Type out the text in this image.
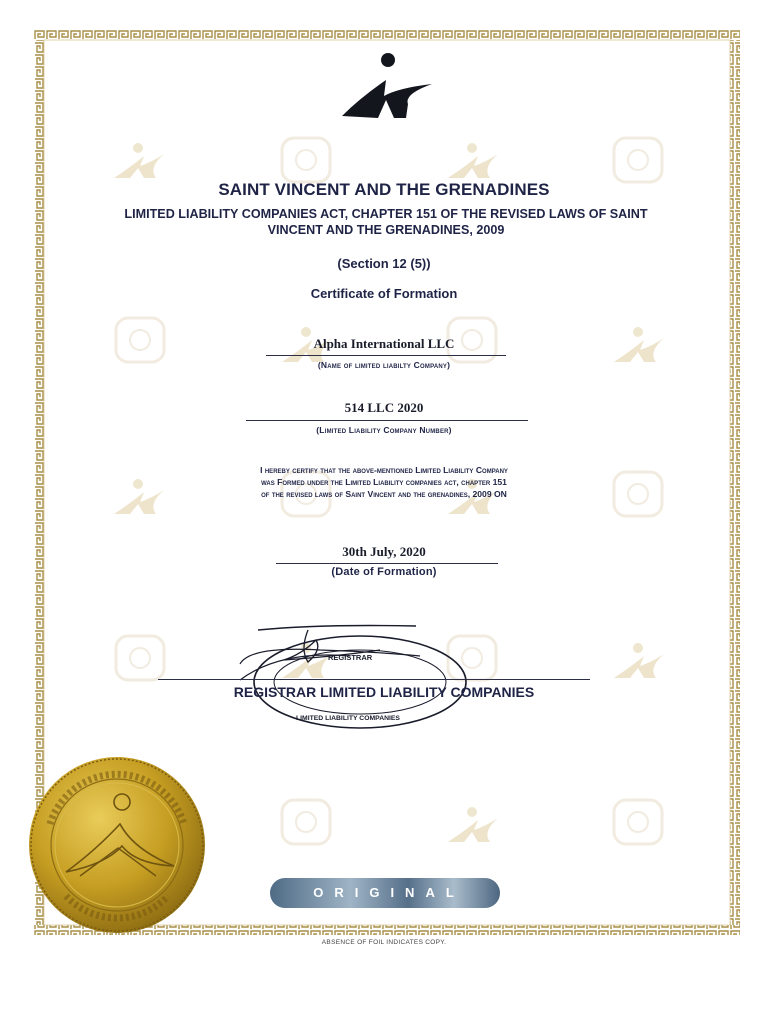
SAINT VINCENT AND THE GRENADINES
LIMITED LIABILITY COMPANIES ACT, CHAPTER 151 OF THE REVISED LAWS OF SAINT
VINCENT AND THE GRENADINES, 2009
(Section 12 (5))
Certificate of Formation
Alpha International LLC
(Name of limited liabilty Company)
514 LLC 2020
(Limited Liability Company Number)
I hereby certify that the above-mentioned Limited Liability Company
was Formed under the Limited Liability companies act, chapter 151
of the revised laws of Saint Vincent and the grenadines, 2009 ON
30th July, 2020
(Date of Formation)
REGISTRAR
LIMITED LIABILITY COMPANIES
REGISTRAR LIMITED LIABILITY COMPANIES
ORIGINAL
ABSENCE OF FOIL INDICATES COPY.
